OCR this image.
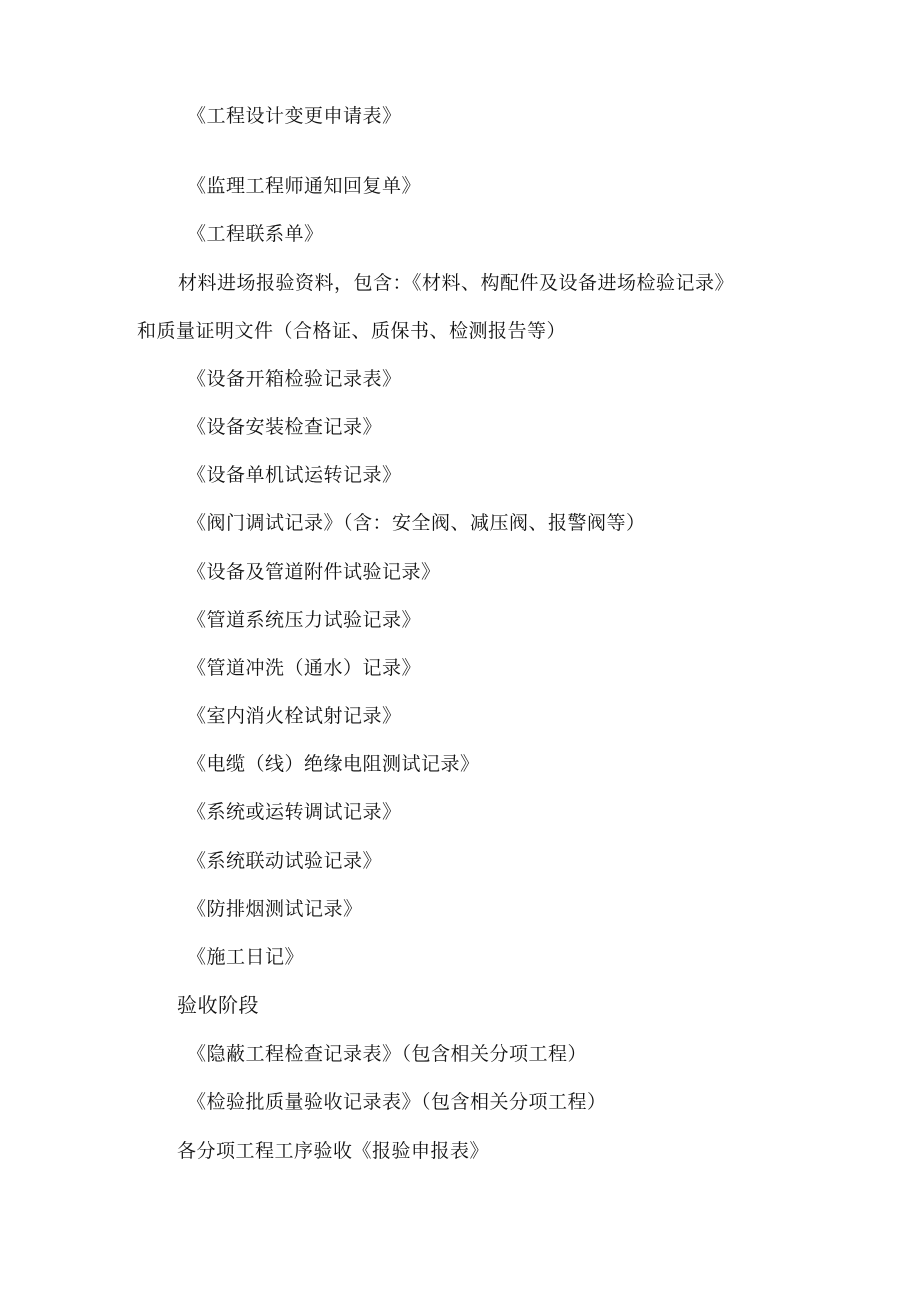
《工程设计变更申请表》
《监理工程师通知回复单》
《工程联系单》
材料进场报验资料，包含：《材料、构配件及设备进场检验记录》
和质量证明文件（合格证、质保书、检测报告等）
《设备开箱检验记录表》
《设备安装检查记录》
《设备单机试运转记录》
《阀门调试记录》（含：安全阀、减压阀、报警阀等）
《设备及管道附件试验记录》
《管道系统压力试验记录》
《管道冲洗（通水）记录》
《室内消火栓试射记录》
《电缆（线）绝缘电阻测试记录》
《系统或运转调试记录》
《系统联动试验记录》
《防排烟测试记录》
《施工日记》
验收阶段
《隐蔽工程检查记录表》（包含相关分项工程）
《检验批质量验收记录表》（包含相关分项工程）
各分项工程工序验收《报验申报表》
